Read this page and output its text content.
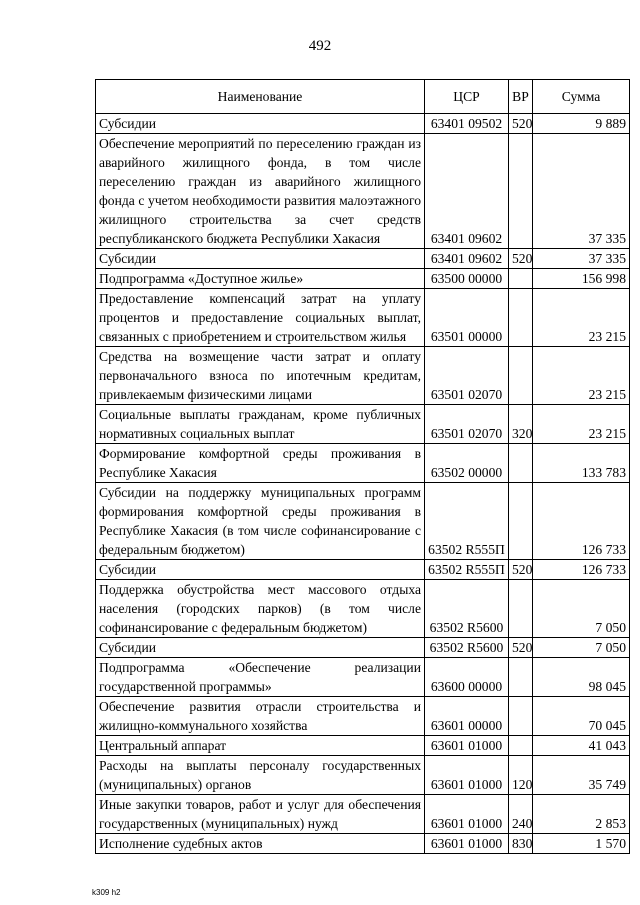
492
Наименование	ЦСР	ВР	Сумма
Субсидии	63401 09502	520	9 889
Обеспечение мероприятий по переселению граждан из аварийного жилищного фонда, в том числе переселению граждан из аварийного жилищного фонда с учетом необходимости развития малоэтажного жилищного строительства за счет средств республиканского бюджета Республики Хакасия	63401 09602		37 335
Субсидии	63401 09602	520	37 335
Подпрограмма «Доступное жилье»	63500 00000		156 998
Предоставление компенсаций затрат на уплату процентов и предоставление социальных выплат, связанных с приобретением и строительством жилья	63501 00000		23 215
Средства на возмещение части затрат и оплату первоначального взноса по ипотечным кредитам, привлекаемым физическими лицами	63501 02070		23 215
Социальные выплаты гражданам, кроме публичных нормативных социальных выплат	63501 02070	320	23 215
Формирование комфортной среды проживания в Республике Хакасия	63502 00000		133 783
Субсидии на поддержку муниципальных программ формирования комфортной среды проживания в Республике Хакасия (в том числе софинансирование с федеральным бюджетом)	63502 R555П		126 733
Субсидии	63502 R555П	520	126 733
Поддержка обустройства мест массового отдыха населения (городских парков) (в том числе софинансирование с федеральным бюджетом)	63502 R5600		7 050
Субсидии	63502 R5600	520	7 050
Подпрограмма «Обеспечение реализации государственной программы»	63600 00000		98 045
Обеспечение развития отрасли строительства и жилищно-коммунального хозяйства	63601 00000		70 045
Центральный аппарат	63601 01000		41 043
Расходы на выплаты персоналу государственных (муниципальных) органов	63601 01000	120	35 749
Иные закупки товаров, работ и услуг для обеспечения государственных (муниципальных) нужд	63601 01000	240	2 853
Исполнение судебных актов	63601 01000	830	1 570
k309 h2
